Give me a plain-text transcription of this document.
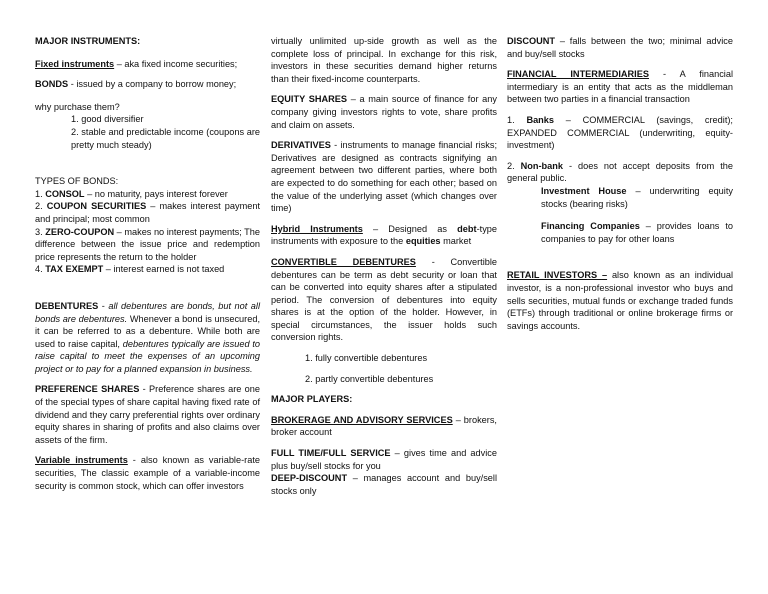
MAJOR INSTRUMENTS:

Fixed instruments – aka fixed income securities;

BONDS - issued by a company to borrow money;

why purchase them?

1. good diversifier

2. stable and predictable income (coupons are pretty much steady)

TYPES OF BONDS:

1. CONSOL – no maturity, pays interest forever

2. COUPON SECURITIES – makes interest payment and principal; most common

3. ZERO-COUPON – makes no interest payments; The difference between the issue price and redemption price represents the return to the holder

4. TAX EXEMPT – interest earned is not taxed

DEBENTURES - all debentures are bonds, but not all bonds are debentures. Whenever a bond is unsecured, it can be referred to as a debenture. While both are used to raise capital, debentures typically are issued to raise capital to meet the expenses of an upcoming project or to pay for a planned expansion in business.

PREFERENCE SHARES - Preference shares are one of the special types of share capital having fixed rate of dividend and they carry preferential rights over ordinary equity shares in sharing of profits and also claims over assets of the firm.

Variable instruments - also known as variable-rate securities, The classic example of a variable-income security is common stock, which can offer investors

virtually unlimited up-side growth as well as the complete loss of principal. In exchange for this risk, investors in these securities demand higher returns than their fixed-income counterparts.

EQUITY SHARES – a main source of finance for any company giving investors rights to vote, share profits and claim on assets.

DERIVATIVES - instruments to manage financial risks; Derivatives are designed as contracts signifying an agreement between two different parties, where both are expected to do something for each other; based on the value of the underlying asset (which changes over time)

Hybrid Instruments – Designed as debt-type instruments with exposure to the equities market

CONVERTIBLE DEBENTURES - Convertible debentures can be term as debt security or loan that can be converted into equity shares after a stipulated period. The conversion of debentures into equity shares is at the option of the holder. However, in special circumstances, the issuer holds such conversion rights.

1. fully convertible debentures

2. partly convertible debentures

MAJOR PLAYERS:

BROKERAGE AND ADVISORY SERVICES – brokers, broker account

FULL TIME/FULL SERVICE – gives time and advice plus buy/sell stocks for you

DEEP-DISCOUNT – manages account and buy/sell stocks only

DISCOUNT – falls between the two; minimal advice and buy/sell stocks

FINANCIAL INTERMEDIARIES - A financial intermediary is an entity that acts as the middleman between two parties in a financial transaction

1. Banks – COMMERCIAL (savings, credit); EXPANDED COMMERCIAL (underwriting, equity-investment)

2. Non-bank - does not accept deposits from the general public.

Investment House – underwriting equity stocks (bearing risks)

Financing Companies – provides loans to companies to pay for other loans

RETAIL INVESTORS – also known as an individual investor, is a non-professional investor who buys and sells securities, mutual funds or exchange traded funds (ETFs) through traditional or online brokerage firms or savings accounts.
